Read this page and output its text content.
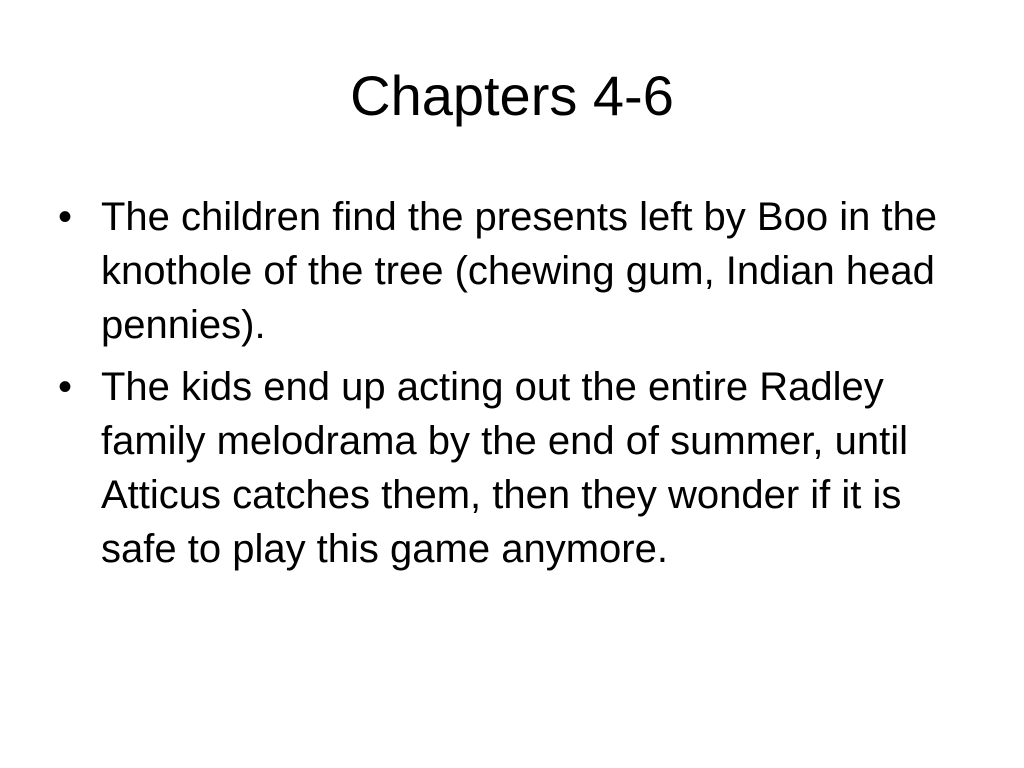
Chapters 4-6
• The children find the presents left by Boo in the knothole of the tree (chewing gum, Indian head pennies).
• The kids end up acting out the entire Radley family melodrama by the end of summer, until Atticus catches them, then they wonder if it is safe to play this game anymore.
